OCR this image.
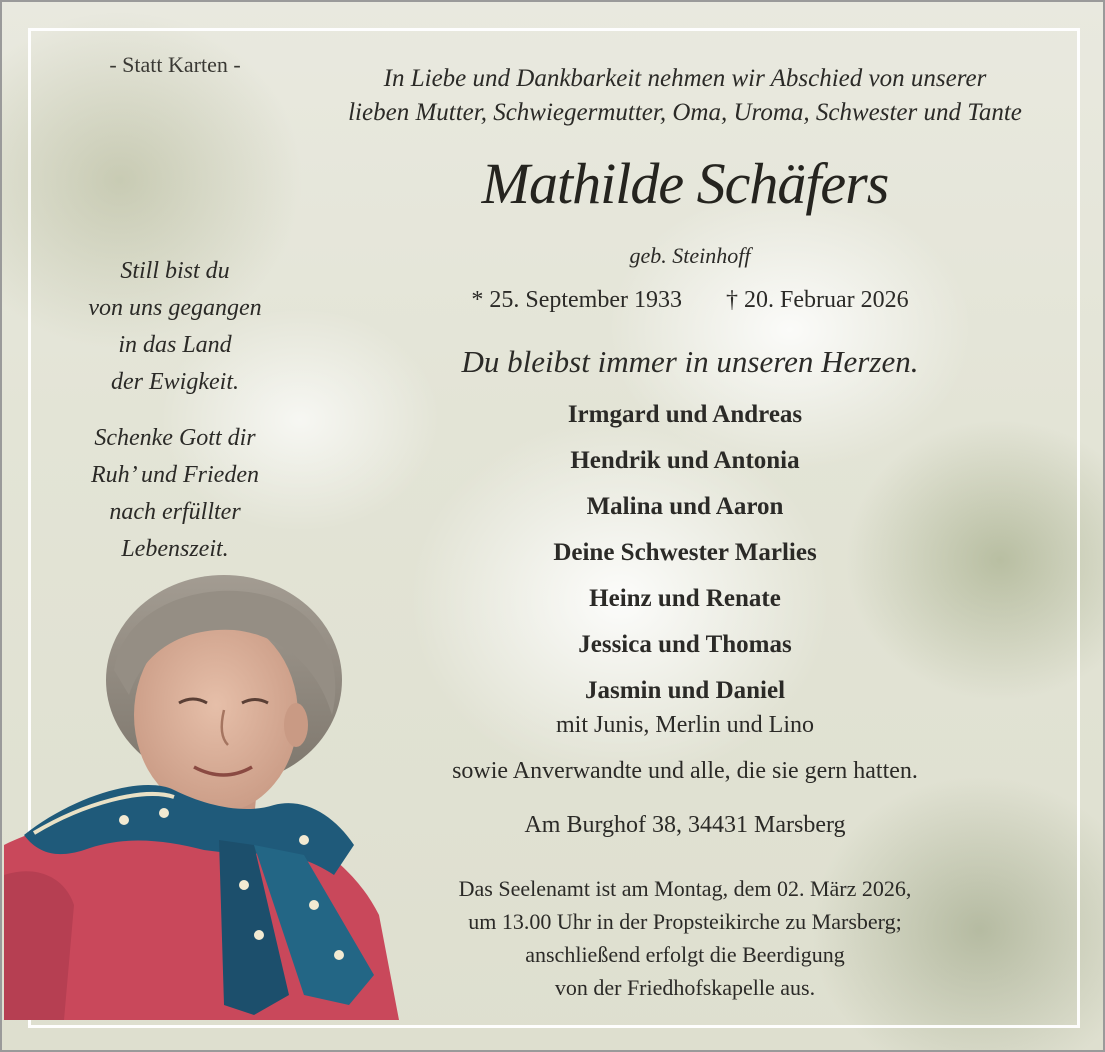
- Statt Karten -
In Liebe und Dankbarkeit nehmen wir Abschied von unserer
lieben Mutter, Schwiegermutter, Oma, Uroma, Schwester und Tante
Mathilde Schäfers
geb. Steinhoff
* 25. September 1933 † 20. Februar 2026
Du bleibst immer in unseren Herzen.
Irmgard und Andreas
Hendrik und Antonia
Malina und Aaron
Deine Schwester Marlies
Heinz und Renate
Jessica und Thomas
Jasmin und Daniel
mit Junis, Merlin und Lino
sowie Anverwandte und alle, die sie gern hatten.
Am Burghof 38, 34431 Marsberg
Das Seelenamt ist am Montag, dem 02. März 2026,
um 13.00 Uhr in der Propsteikirche zu Marsberg;
anschließend erfolgt die Beerdigung
von der Friedhofskapelle aus.
Still bist du
von uns gegangen
in das Land
der Ewigkeit.
Schenke Gott dir
Ruh’ und Frieden
nach erfüllter
Lebenszeit.
